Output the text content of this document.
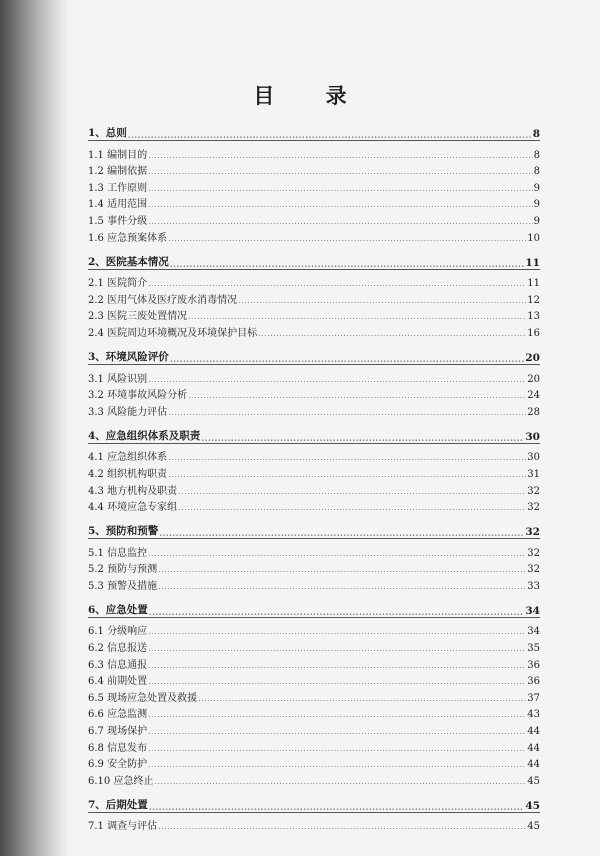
目 录
1、总则 .....	8
1.1 编制目的 .....	8
1.2 编制依据 .....	8
1.3 工作原则 .....	9
1.4 适用范围 .....	9
1.5 事件分级 .....	9
1.6 应急预案体系 .....	10
2、医院基本情况 .....	11
2.1 医院简介 .....	11
2.2 医用气体及医疗废水消毒情况 .....	12
2.3 医院三废处置情况 .....	13
2.4 医院周边环境概况及环境保护目标 .....	16
3、环境风险评价 .....	20
3.1 风险识别 .....	20
3.2 环境事故风险分析 .....	24
3.3 风险能力评估 .....	28
4、应急组织体系及职责 .....	30
4.1 应急组织体系 .....	30
4.2 组织机构职责 .....	31
4.3 地方机构及职责 .....	32
4.4 环境应急专家组 .....	32
5、预防和预警 .....	32
5.1 信息监控 .....	32
5.2 预防与预测 .....	32
5.3 预警及措施 .....	33
6、应急处置 .....	34
6.1 分级响应 .....	34
6.2 信息报送 .....	35
6.3 信息通报 .....	36
6.4 前期处置 .....	36
6.5 现场应急处置及救援 .....	37
6.6 应急监测 .....	43
6.7 现场保护 .....	44
6.8 信息发布 .....	44
6.9 安全防护 .....	44
6.10 应急终止 .....	45
7、后期处置 .....	45
7.1 调查与评估 .....	45
